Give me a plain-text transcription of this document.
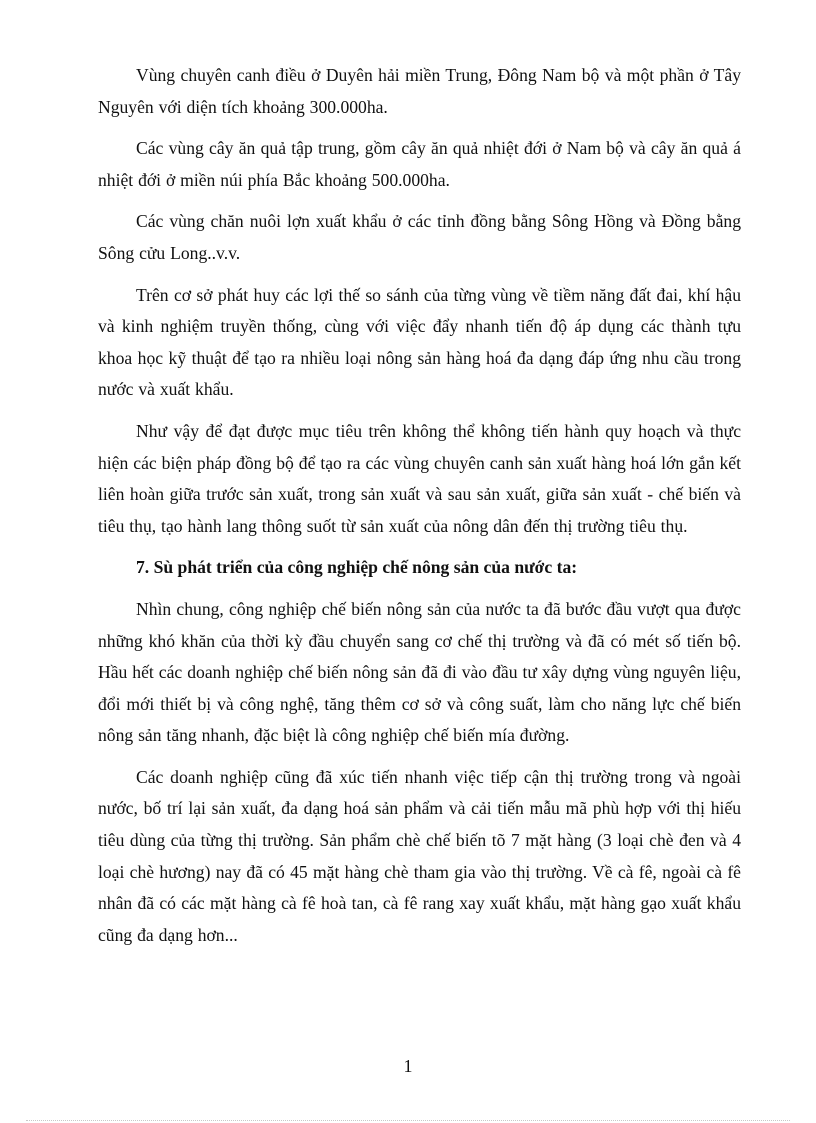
Vùng chuyên canh điều ở Duyên hải miền Trung, Đông Nam bộ và một phần ở Tây Nguyên với diện tích khoảng 300.000ha.

Các vùng cây ăn quả tập trung, gồm cây ăn quả nhiệt đới ở Nam bộ và cây ăn quả á nhiệt đới ở miền núi phía Bắc khoảng 500.000ha.

Các vùng chăn nuôi lợn xuất khẩu ở các tỉnh đồng bằng Sông Hồng và Đồng bằng Sông cửu Long..v.v.

Trên cơ sở phát huy các lợi thế so sánh của từng vùng về tiềm năng đất đai, khí hậu và kinh nghiệm truyền thống, cùng với việc đẩy nhanh tiến độ áp dụng các thành tựu khoa học kỹ thuật để tạo ra nhiều loại nông sản hàng hoá đa dạng đáp ứng nhu cầu trong nước và xuất khẩu.

Như vậy để đạt được mục tiêu trên không thể không tiến hành quy hoạch và thực hiện các biện pháp đồng bộ để tạo ra các vùng chuyên canh sản xuất hàng hoá lớn gắn kết liên hoàn giữa trước sản xuất, trong sản xuất và sau sản xuất, giữa sản xuất - chế biến và tiêu thụ, tạo hành lang thông suốt từ sản xuất của nông dân đến thị trường tiêu thụ.

7. Sù phát triển của công nghiệp chế nông sản của nước ta:

Nhìn chung, công nghiệp chế biến nông sản của nước ta đã bước đầu vượt qua được những khó khăn của thời kỳ đầu chuyển sang cơ chế thị trường và đã có mét số tiến bộ. Hầu hết các doanh nghiệp chế biến nông sản đã đi vào đầu tư xây dựng vùng nguyên liệu, đổi mới thiết bị và công nghệ, tăng thêm cơ sở và công suất, làm cho năng lực chế biến nông sản tăng nhanh, đặc biệt là công nghiệp chế biến mía đường.

Các doanh nghiệp cũng đã xúc tiến nhanh việc tiếp cận thị trường trong và ngoài nước, bố trí lại sản xuất, đa dạng hoá sản phẩm và cải tiến mẫu mã phù hợp với thị hiếu tiêu dùng của từng thị trường. Sản phẩm chè chế biến tõ 7 mặt hàng (3 loại chè đen và 4 loại chè hương) nay đã có 45 mặt hàng chè tham gia vào thị trường. Về cà fê, ngoài cà fê nhân đã có các mặt hàng cà fê hoà tan, cà fê rang xay xuất khẩu, mặt hàng gạo xuất khẩu cũng đa dạng hơn...

1
